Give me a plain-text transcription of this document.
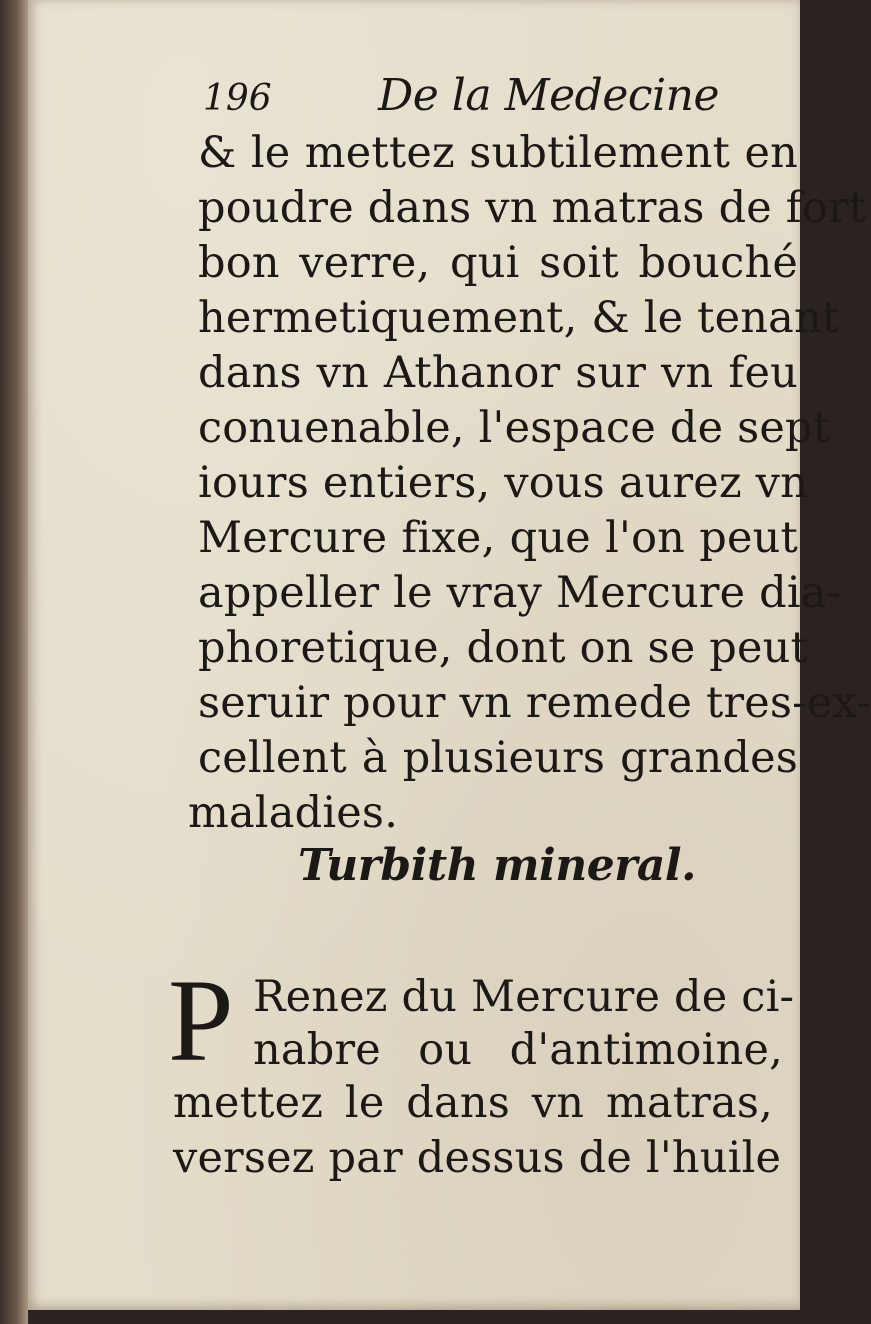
196 De la Medecine
& le mettez subtilement en
poudre dans vn matras de fort
bon verre, qui soit bouché
hermetiquement, & le tenant
dans vn Athanor sur vn feu
conuenable, l'espace de sept
iours entiers, vous aurez vn
Mercure fixe, que l'on peut
appeller le vray Mercure dia-
phoretique, dont on se peut
seruir pour vn remede tres-ex-
cellent à plusieurs grandes
maladies.
Turbith mineral.
P Renez du Mercure de ci-
nabre ou d'antimoine,
mettez le dans vn matras,
versez par dessus de l'huile
